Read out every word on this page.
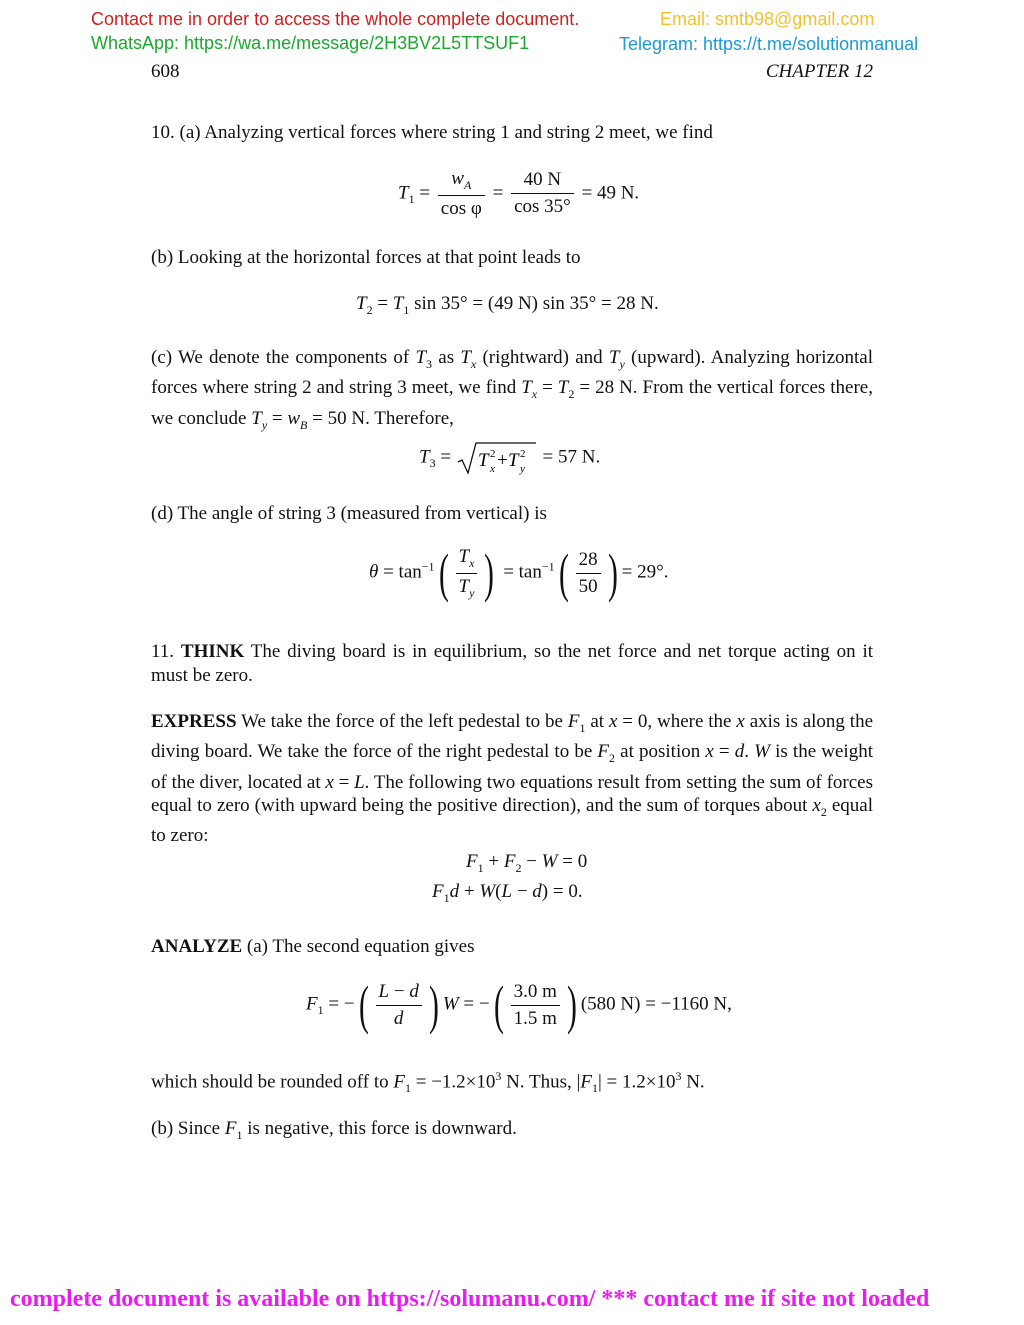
Contact me in order to access the whole complete document.	Email: smtb98@gmail.com
WhatsApp: https://wa.me/message/2H3BV2L5TTSUF1	Telegram: https://t.me/solutionmanual
608	CHAPTER 12
10. (a) Analyzing vertical forces where string 1 and string 2 meet, we find
$T_1 = \frac{w_A}{\text{cos φ}} = \frac{40 N}{\cos 35^\circ} = 49$ N.
(b) Looking at the horizontal forces at that point leads to
$T_2 = T_1$ sin 35° = (49 N) sin 35° = 28 N.
(c) We denote the components of $T_3$ as $T_x$ (rightward) and $T_y$ (upward). Analyzing horizontal forces where string 2 and string 3 meet, we find $T_x = T_2 = 28$ N. From the vertical forces there, we conclude $T_y = w_B = 50$ N. Therefore,
$T_3 = T$ 2
x + T 2
y
= 57 N.
(d) The angle of string 3 (measured from vertical) is
$\theta = \tan^{-1}( \frac{T_x}{T_y}$ ) = $\tan^{-1}( \frac{28}{50}$ ) = 29°.
11. THINK The diving board is in equilibrium, so the net force and net torque acting on it must be zero.
EXPRESS We take the force of the left pedestal to be $F_1$ at x = 0, where the x axis is along the diving board. We take the force of the right pedestal to be $F_2$ at position x = d. W is the weight of the diver, located at x = L. The following two equations result from setting the sum of forces equal to zero (with upward being the positive direction), and the sum of torques about $x_2$ equal to zero:
$F_1 + F_2 - W = 0$
$F_1d + W(L - d) = 0$.
ANALYZE (a) The second equation gives
$F_1$ = −( $\frac{L - d}{d}$ ) W = −( $\frac{3.0 m}{1.5 m}$ ) (580 N) = −1160 N,
which should be rounded off to $F_1 = -1.2\times 10^3$ N. Thus, $|F_1| = 1.2\times 10^3$ N.
(b) Since $F_1$ is negative, this force is downward.
complete document is available on https://solumanu.com/ *** contact me if site not loaded
